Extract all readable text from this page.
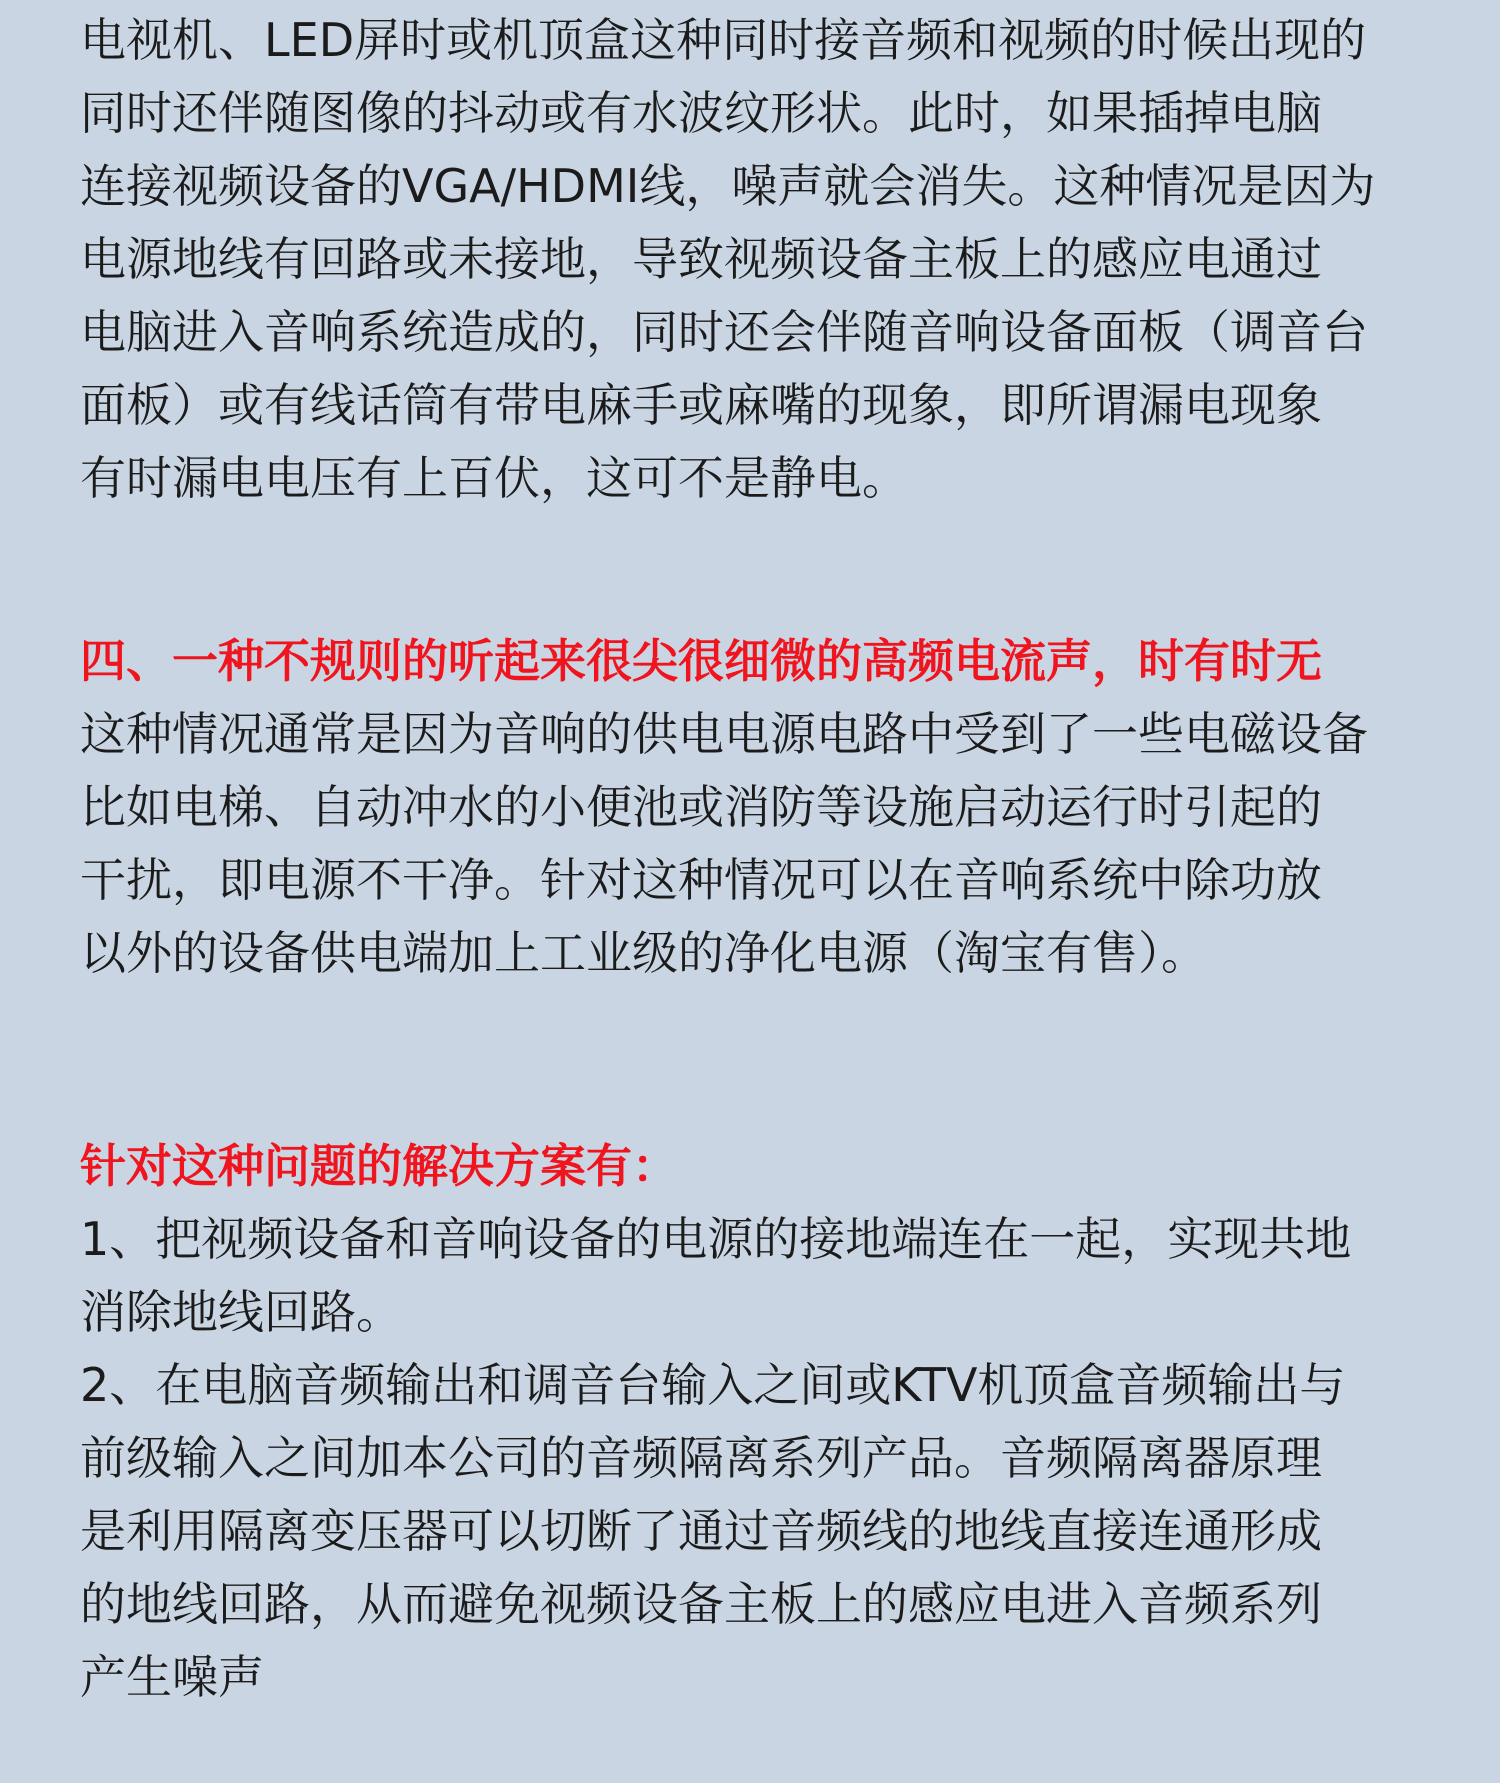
电视机、LED屏时或机顶盒这种同时接音频和视频的时候出现的
同时还伴随图像的抖动或有水波纹形状。此时，如果插掉电脑
连接视频设备的VGA/HDMI线，噪声就会消失。这种情况是因为
电源地线有回路或未接地，导致视频设备主板上的感应电通过
电脑进入音响系统造成的，同时还会伴随音响设备面板（调音台
面板）或有线话筒有带电麻手或麻嘴的现象，即所谓漏电现象
有时漏电电压有上百伏，这可不是静电。
四、一种不规则的听起来很尖很细微的高频电流声，时有时无
这种情况通常是因为音响的供电电源电路中受到了一些电磁设备
比如电梯、自动冲水的小便池或消防等设施启动运行时引起的
干扰，即电源不干净。针对这种情况可以在音响系统中除功放
以外的设备供电端加上工业级的净化电源（淘宝有售）。
针对这种问题的解决方案有：
1、把视频设备和音响设备的电源的接地端连在一起，实现共地
消除地线回路。
2、在电脑音频输出和调音台输入之间或KTV机顶盒音频输出与
前级输入之间加本公司的音频隔离系列产品。音频隔离器原理
是利用隔离变压器可以切断了通过音频线的地线直接连通形成
的地线回路，从而避免视频设备主板上的感应电进入音频系列
产生噪声
